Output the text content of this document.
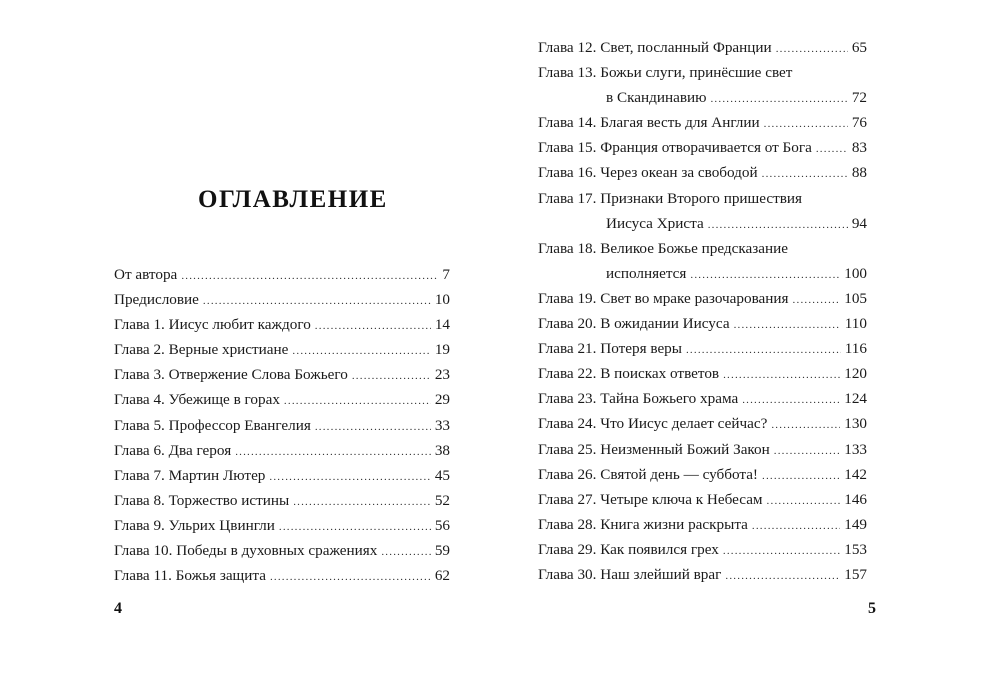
ОГЛАВЛЕНИЕ
От автора .....	7
Предисловие .....	10
Глава 1. Иисус любит каждого .....	14
Глава 2. Верные христиане .....	19
Глава 3. Отвержение Слова Божьего .....	23
Глава 4. Убежище в горах .....	29
Глава 5. Профессор Евангелия .....	33
Глава 6. Два героя .....	38
Глава 7. Мартин Лютер .....	45
Глава 8. Торжество истины .....	52
Глава 9. Ульрих Цвингли .....	56
Глава 10. Победы в духовных сражениях .....	59
Глава 11. Божья защита .....	62
4
Глава 12. Свет, посланный Франции .....	65
Глава 13. Божьи слуги, принёсшие свет
в Скандинавию .....	72
Глава 14. Благая весть для Англии .....	76
Глава 15. Франция отворачивается от Бога .....	83
Глава 16. Через океан за свободой .....	88
Глава 17. Признаки Второго пришествия
Иисуса Христа .....	94
Глава 18. Великое Божье предсказание
исполняется .....	100
Глава 19. Свет во мраке разочарования .....	105
Глава 20. В ожидании Иисуса .....	110
Глава 21. Потеря веры .....	116
Глава 22. В поисках ответов .....	120
Глава 23. Тайна Божьего храма .....	124
Глава 24. Что Иисус делает сейчас? .....	130
Глава 25. Неизменный Божий Закон .....	133
Глава 26. Святой день — суббота! .....	142
Глава 27. Четыре ключа к Небесам .....	146
Глава 28. Книга жизни раскрыта .....	149
Глава 29. Как появился грех .....	153
Глава 30. Наш злейший враг .....	157
5
